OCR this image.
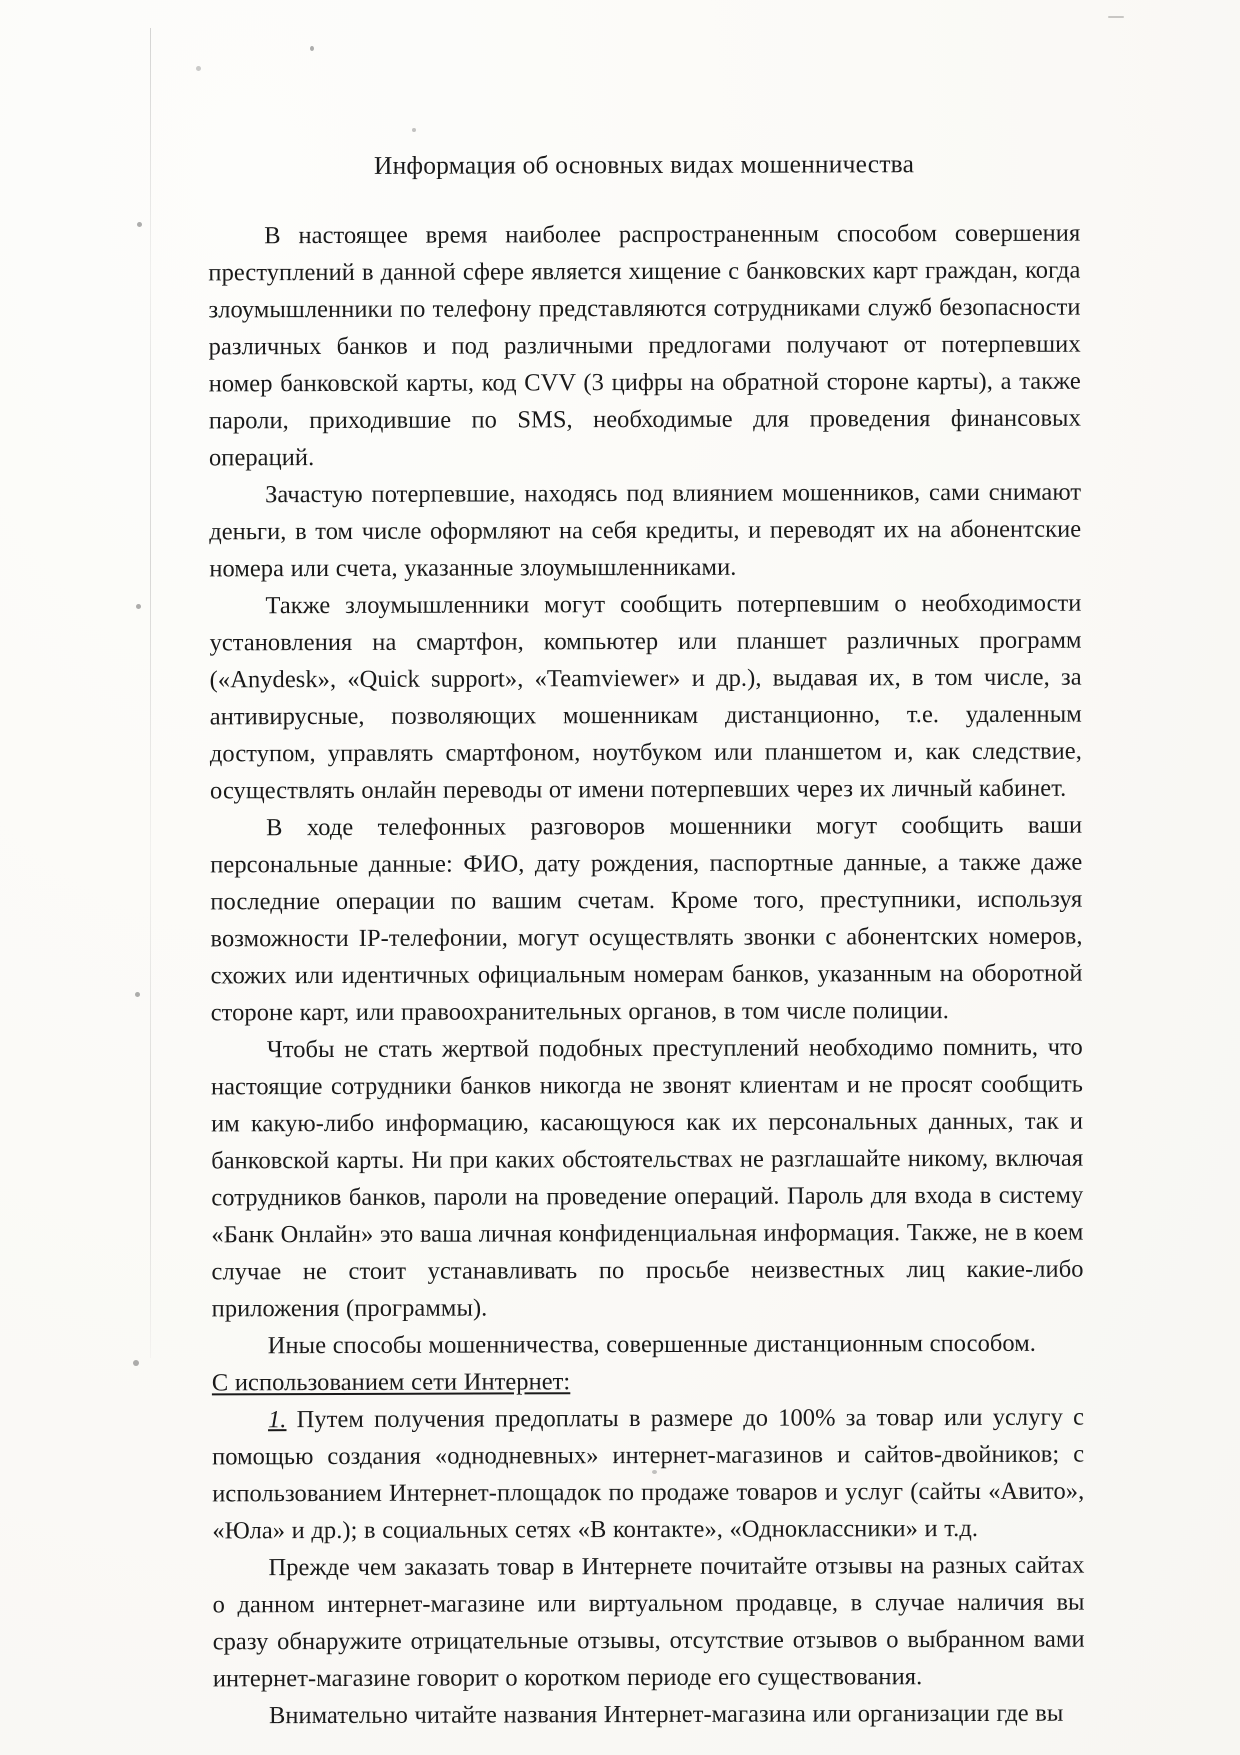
Информация об основных видах мошенничества

В настоящее время наиболее распространенным способом совершения преступлений в данной сфере является хищение с банковских карт граждан, когда злоумышленники по телефону представляются сотрудниками служб безопасности различных банков и под различными предлогами получают от потерпевших номер банковской карты, код CVV (3 цифры на обратной стороне карты), а также пароли, приходившие по SMS, необходимые для проведения финансовых операций.

Зачастую потерпевшие, находясь под влиянием мошенников, сами снимают деньги, в том числе оформляют на себя кредиты, и переводят их на абонентские номера или счета, указанные злоумышленниками.

Также злоумышленники могут сообщить потерпевшим о необходимости установления на смартфон, компьютер или планшет различных программ («Anydesk», «Quick support», «Teamviewer» и др.), выдавая их, в том числе, за антивирусные, позволяющих мошенникам дистанционно, т.е. удаленным доступом, управлять смартфоном, ноутбуком или планшетом и, как следствие, осуществлять онлайн переводы от имени потерпевших через их личный кабинет.

В ходе телефонных разговоров мошенники могут сообщить ваши персональные данные: ФИО, дату рождения, паспортные данные, а также даже последние операции по вашим счетам. Кроме того, преступники, используя возможности IP-телефонии, могут осуществлять звонки с абонентских номеров, схожих или идентичных официальным номерам банков, указанным на оборотной стороне карт, или правоохранительных органов, в том числе полиции.

Чтобы не стать жертвой подобных преступлений необходимо помнить, что настоящие сотрудники банков никогда не звонят клиентам и не просят сообщить им какую-либо информацию, касающуюся как их персональных данных, так и банковской карты. Ни при каких обстоятельствах не разглашайте никому, включая сотрудников банков, пароли на проведение операций. Пароль для входа в систему «Банк Онлайн» это ваша личная конфиденциальная информация. Также, не в коем случае не стоит устанавливать по просьбе неизвестных лиц какие-либо приложения (программы).

Иные способы мошенничества, совершенные дистанционным способом.

С использованием сети Интернет:

1. Путем получения предоплаты в размере до 100% за товар или услугу с помощью создания «однодневных» интернет-магазинов и сайтов-двойников; с использованием Интернет-площадок по продаже товаров и услуг (сайты «Авито», «Юла» и др.); в социальных сетях «В контакте», «Одноклассники» и т.д.

Прежде чем заказать товар в Интернете почитайте отзывы на разных сайтах о данном интернет-магазине или виртуальном продавце, в случае наличия вы сразу обнаружите отрицательные отзывы, отсутствие отзывов о выбранном вами интернет-магазине говорит о коротком периоде его существования.

Внимательно читайте названия Интернет-магазина или организации где вы
